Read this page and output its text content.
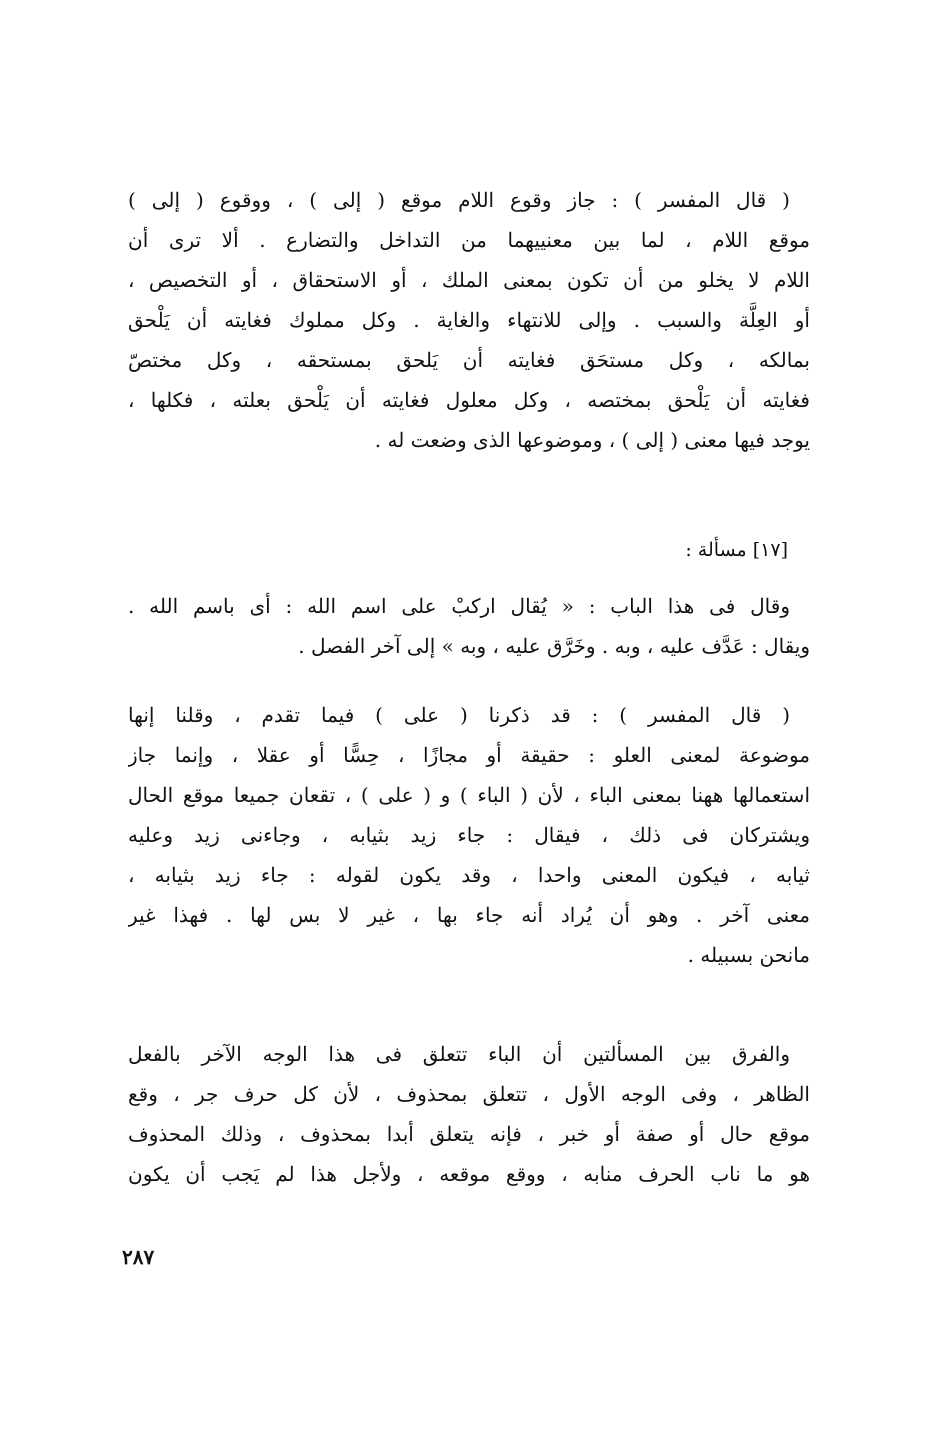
( قال المفسر ) : جاز وقوع اللام موقع ( إلى ) ، ووقوع ( إلى )
موقع اللام ، لما بين معنييهما من التداخل والتضارع . ألا ترى أن
اللام لا يخلو من أن تكون بمعنى الملك ، أو الاستحقاق ، أو التخصيص ،
أو العِلَّة والسبب . وإلى للانتهاء والغاية . وكل مملوك فغايته أن يَلْحق
بمالكه ، وكل مستحَق فغايته أن يَلحق بمستحقه ، وكل مختصّ
فغايته أن يَلْحق بمختصه ، وكل معلول فغايته أن يَلْحق بعلته ، فكلها ،
يوجد فيها معنى ( إلى ) ، وموضوعها الذى وضعت له .
[١٧] مسألة :
وقال فى هذا الباب : « يُقال اركبْ على اسم الله : أى باسم الله .
ويقال : عَدَّف عليه ، وبه . وخَرَّق عليه ، وبه » إلى آخر الفصل .
( قال المفسر ) : قد ذكرنا ( على ) فيما تقدم ، وقلنا إنها
موضوعة لمعنى العلو : حقيقة أو مجازًا ، حِسًّا أو عقلا ، وإنما جاز
استعمالها ههنا بمعنى الباء ، لأن ( الباء ) و ( على ) ، تقعان جميعا موقع الحال
ويشتركان فى ذلك ، فيقال : جاء زيد بثيابه ، وجاءنى زيد وعليه
ثيابه ، فيكون المعنى واحدا ، وقد يكون لقوله : جاء زيد بثيابه ،
معنى آخر . وهو أن يُراد أنه جاء بها ، غير لا بس لها . فهذا غير
مانحن بسبيله .
والفرق بين المسألتين أن الباء تتعلق فى هذا الوجه الآخر بالفعل
الظاهر ، وفى الوجه الأول ، تتعلق بمحذوف ، لأن كل حرف جر ، وقع
موقع حال أو صفة أو خبر ، فإنه يتعلق أبدا بمحذوف ، وذلك المحذوف
هو ما ناب الحرف منابه ، ووقع موقعه ، ولأجل هذا لم يَجب أن يكون
٢٨٧
